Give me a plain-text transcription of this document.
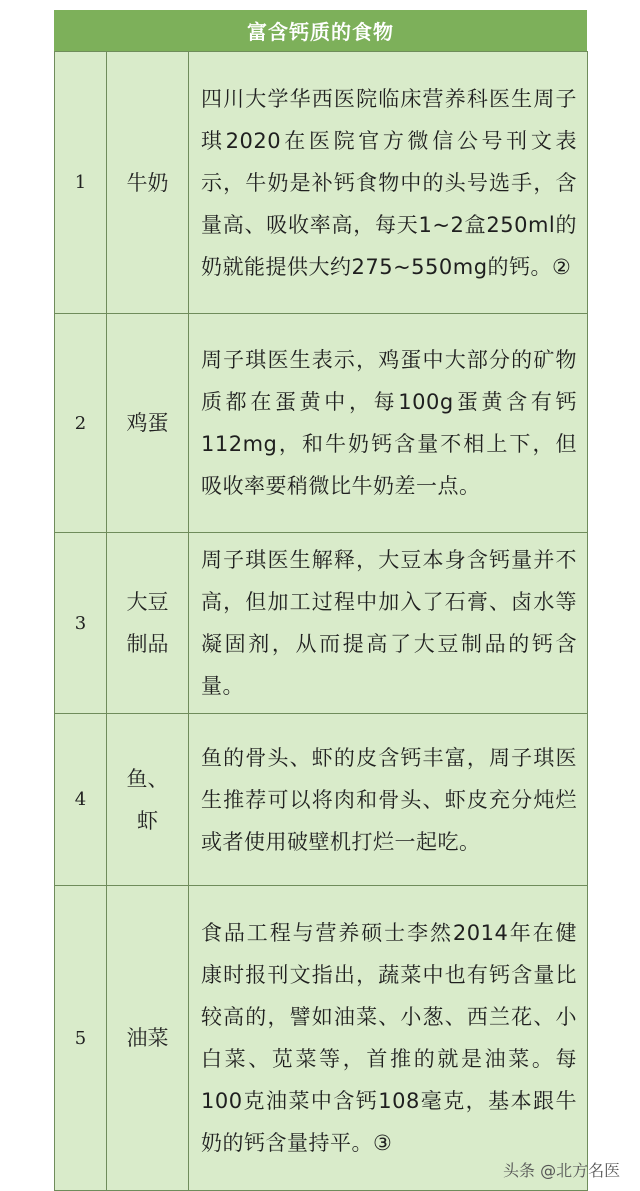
富含钙质的食物
1	牛奶	四川大学华西医院临床营养科医生周子琪2020在医院官方微信公号刊文表示，牛奶是补钙食物中的头号选手，含量高、吸收率高，每天1~2盒250ml的奶就能提供大约275~550mg的钙。②
2	鸡蛋	周子琪医生表示，鸡蛋中大部分的矿物质都在蛋黄中，每100g蛋黄含有钙112mg，和牛奶钙含量不相上下，但吸收率要稍微比牛奶差一点。
3	大豆制品	周子琪医生解释，大豆本身含钙量并不高，但加工过程中加入了石膏、卤水等凝固剂，从而提高了大豆制品的钙含量。
4	鱼、虾	鱼的骨头、虾的皮含钙丰富，周子琪医生推荐可以将肉和骨头、虾皮充分炖烂或者使用破壁机打烂一起吃。
5	油菜	食品工程与营养硕士李然2014年在健康时报刊文指出，蔬菜中也有钙含量比较高的，譬如油菜、小葱、西兰花、小白菜、苋菜等，首推的就是油菜。每100克油菜中含钙108毫克，基本跟牛奶的钙含量持平。③
头条 @北方名医
